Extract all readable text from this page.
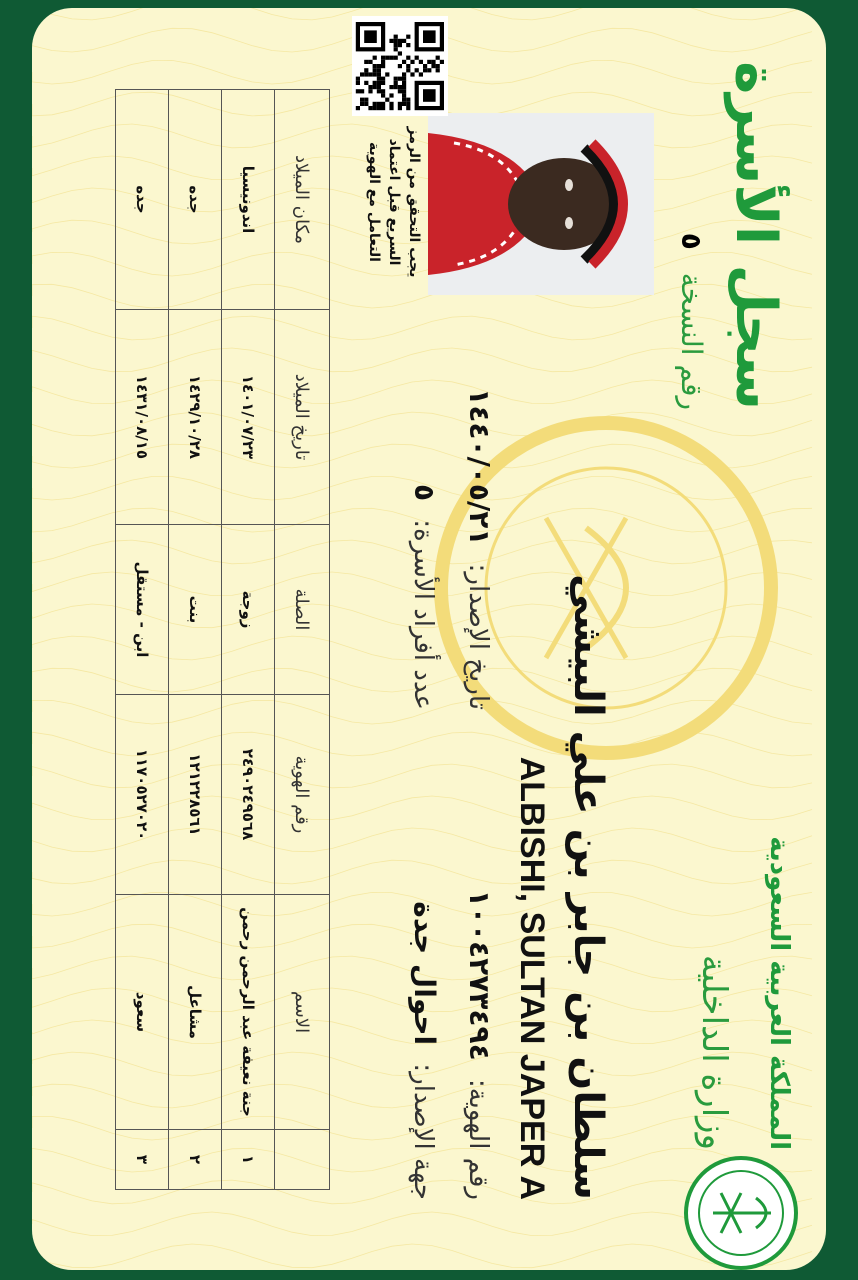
سجل الأسرة
رقم النسخة ٥
المملكة العربية السعودية
وزارة الداخلية
سلطان بن جابر بن علي البيشي
ALBISHI, SULTAN JAPER A
رقم الهوية: ١٠٠٤٢٧٣٤٩٤
جهة الإصدار: احوال جدة
تاريخ الإصدار: ١٤٤٠/٠٥/٢١
عدد أفراد الأسرة: ٥
يجب التحقق من الرمز
السريع قبل اعتماد
التعامل مع الهوية
	الاسم	رقم الهوية	الصلة	تاريخ الميلاد	مكان الميلاد
١	جنة نعيفة عبد الرحمن رحمن	٢٤٩٠٢٤٩٥٦٨	زوجة	١٤٠١/٠٧/٢٣	اندونيسيا
٢	مشاعل	١٢١٢٢٨٥٦١	بنت	١٤٢٩/١٠/٢٨	جده
٣	سعود	١١٧٠٥٢٧٠٢٠	ابن - مستقل	١٤٣١/٠٨/١٥	جده
